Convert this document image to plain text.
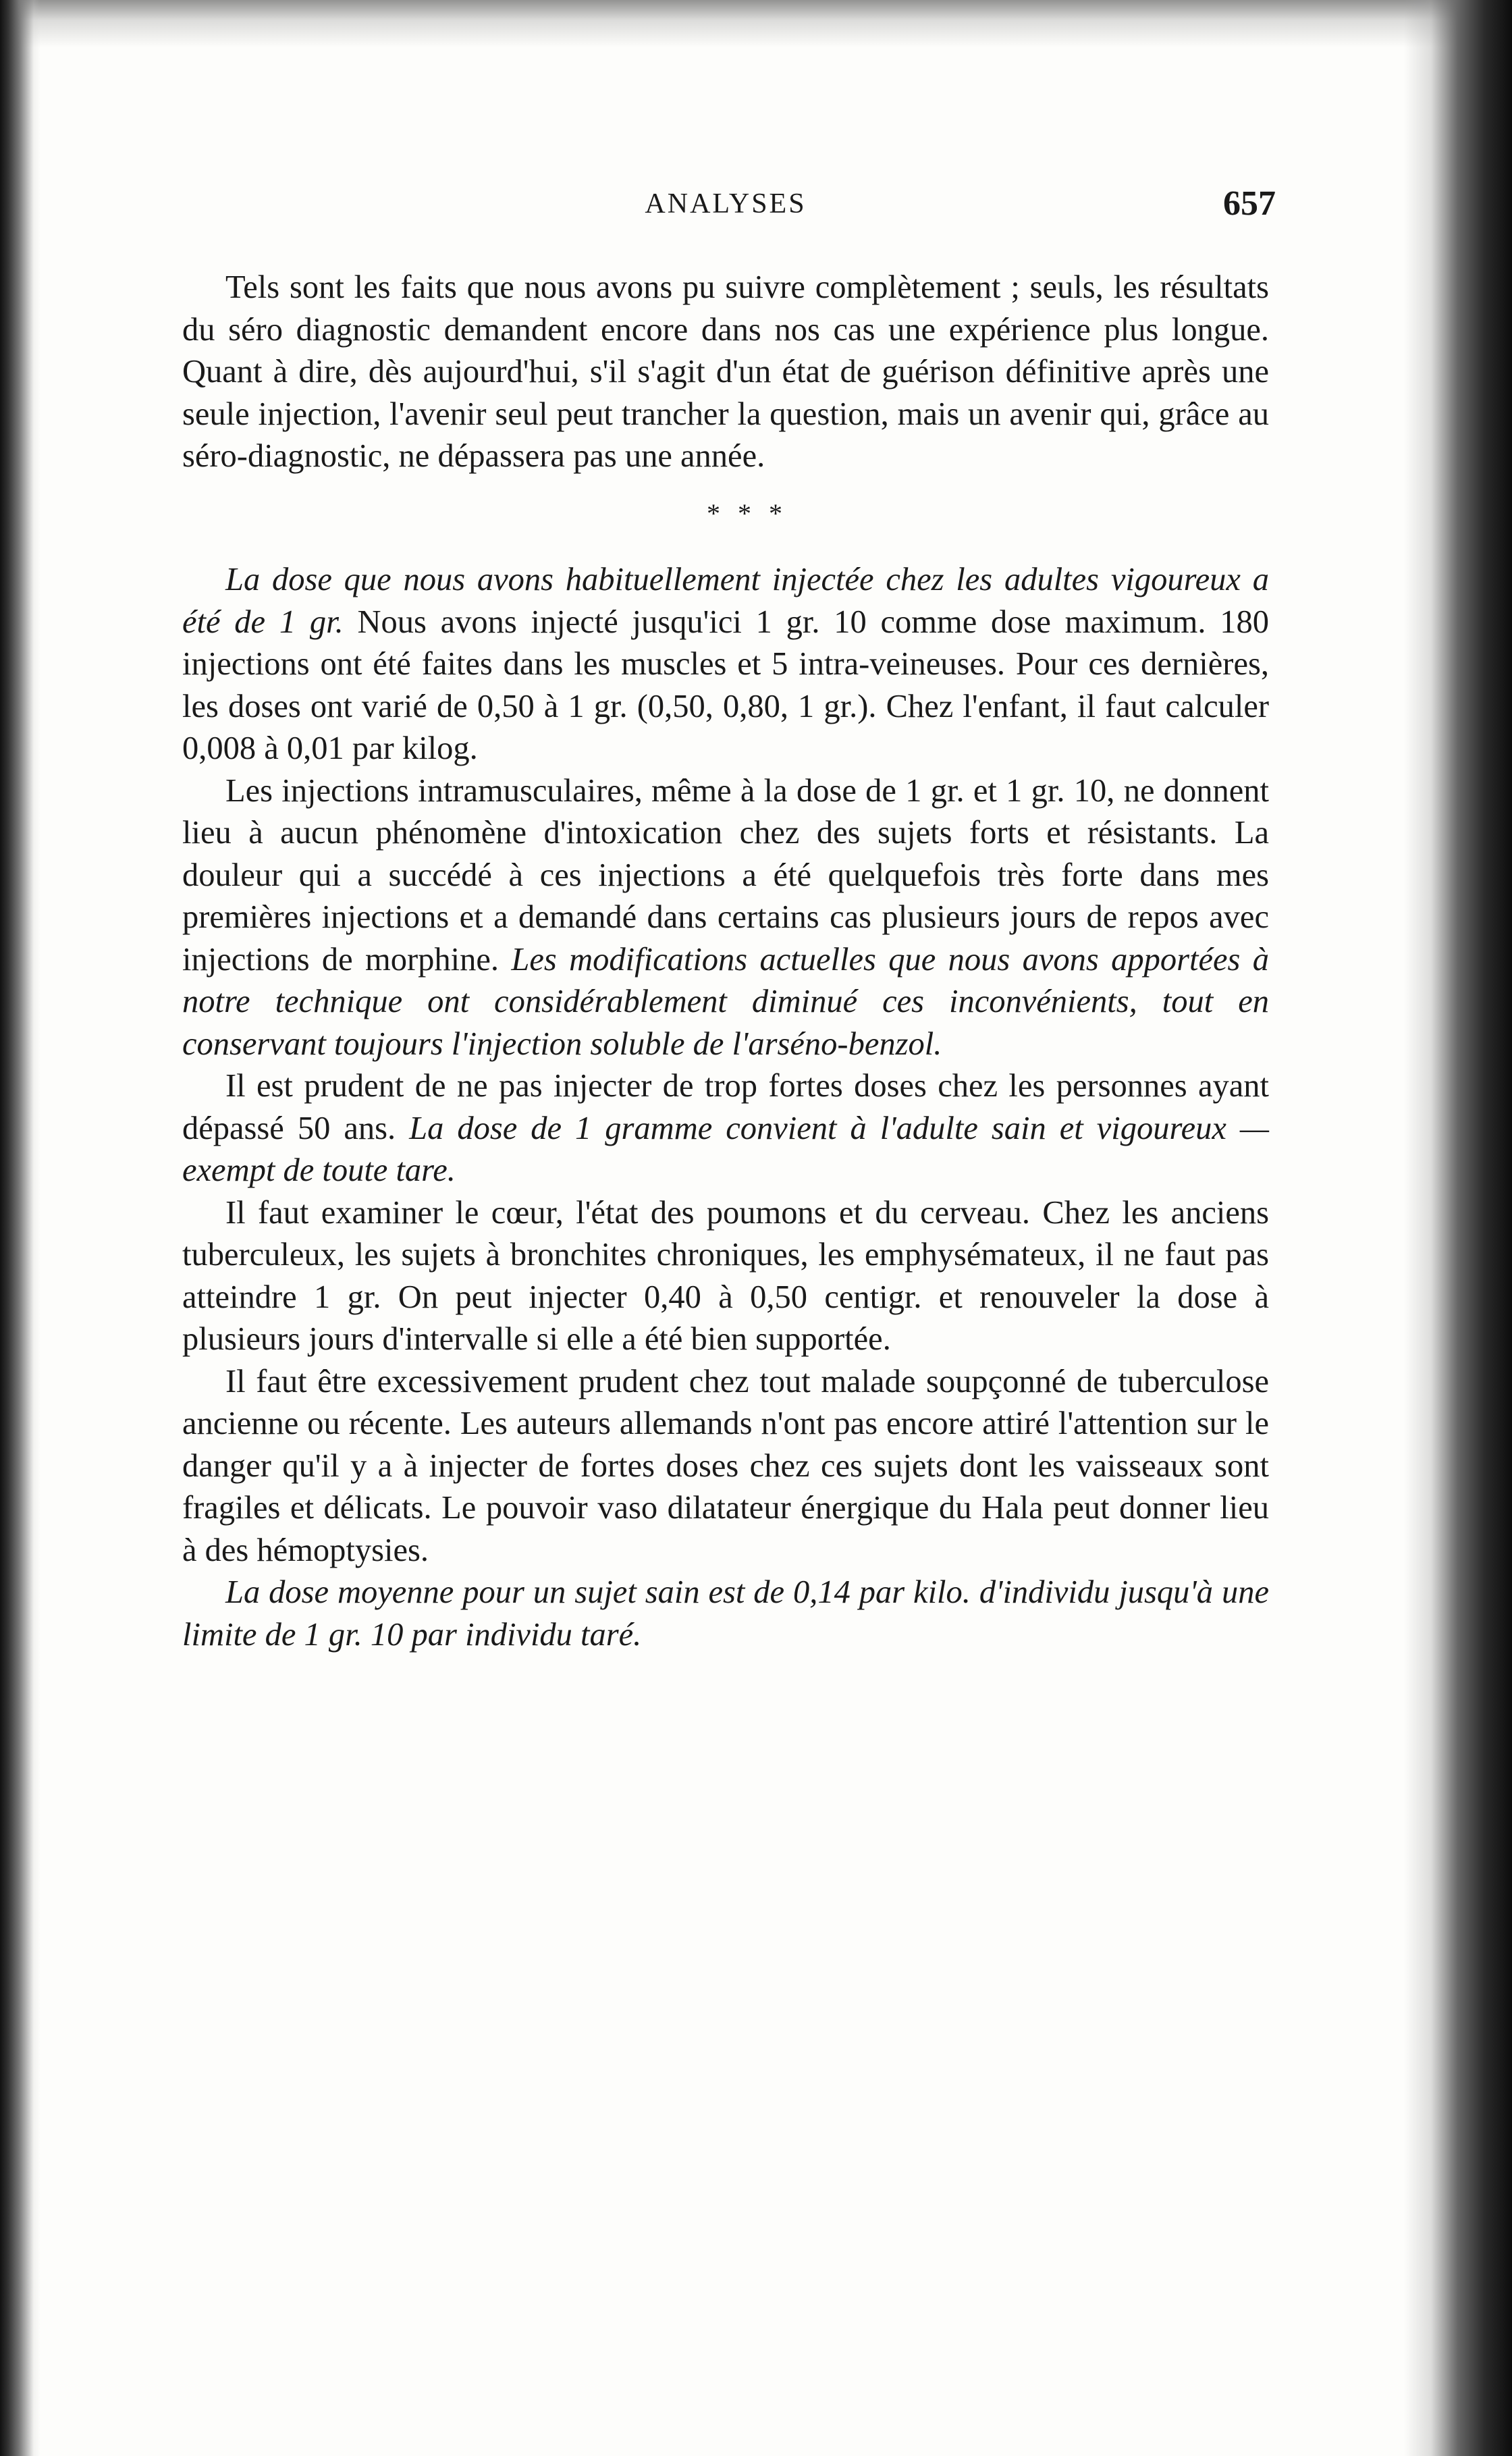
ANALYSES	657

Tels sont les faits que nous avons pu suivre complètement ; seuls, les résultats du séro diagnostic demandent encore dans nos cas une expérience plus longue. Quant à dire, dès aujourd'hui, s'il s'agit d'un état de guérison définitive après une seule injection, l'avenir seul peut trancher la question, mais un avenir qui, grâce au séro-diagnostic, ne dépassera pas une année.

* * *

La dose que nous avons habituellement injectée chez les adultes vigoureux a été de 1 gr. Nous avons injecté jusqu'ici 1 gr. 10 comme dose maximum. 180 injections ont été faites dans les muscles et 5 intra-veineuses. Pour ces dernières, les doses ont varié de 0,50 à 1 gr. (0,50, 0,80, 1 gr.). Chez l'enfant, il faut calculer 0,008 à 0,01 par kilog.

Les injections intramusculaires, même à la dose de 1 gr. et 1 gr. 10, ne donnent lieu à aucun phénomène d'intoxication chez des sujets forts et résistants. La douleur qui a succédé à ces injections a été quelquefois très forte dans mes premières injections et a demandé dans certains cas plusieurs jours de repos avec injections de morphine. Les modifications actuelles que nous avons apportées à notre technique ont considérablement diminué ces inconvénients, tout en conservant toujours l'injection soluble de l'arséno-benzol.

Il est prudent de ne pas injecter de trop fortes doses chez les personnes ayant dépassé 50 ans. La dose de 1 gramme convient à l'adulte sain et vigoureux — exempt de toute tare.

Il faut examiner le cœur, l'état des poumons et du cerveau. Chez les anciens tuberculeux, les sujets à bronchites chroniques, les emphysémateux, il ne faut pas atteindre 1 gr. On peut injecter 0,40 à 0,50 centigr. et renouveler la dose à plusieurs jours d'intervalle si elle a été bien supportée.

Il faut être excessivement prudent chez tout malade soupçonné de tuberculose ancienne ou récente. Les auteurs allemands n'ont pas encore attiré l'attention sur le danger qu'il y a à injecter de fortes doses chez ces sujets dont les vaisseaux sont fragiles et délicats. Le pouvoir vaso dilatateur énergique du Hala peut donner lieu à des hémoptysies.

La dose moyenne pour un sujet sain est de 0,14 par kilo. d'individu jusqu'à une limite de 1 gr. 10 par individu taré.
